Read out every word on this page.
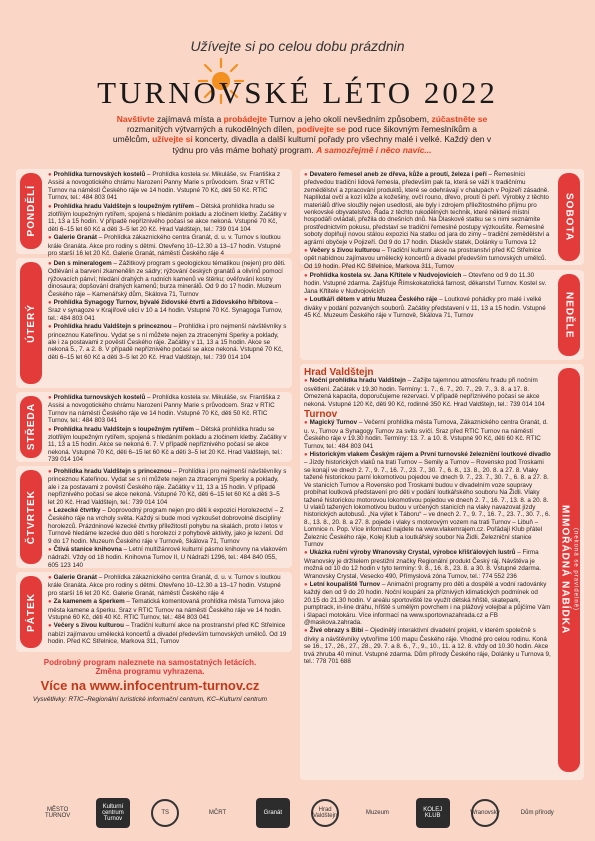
Užívejte si po celou dobu prázdnin
TURNOVSKÉ LÉTO 2022
Navštivte zajímavá místa a probádejte Turnov a jeho okolí nevšedním způsobem, zúčastněte se rozmanitých výtvarných a rukodělných dílen, podívejte se pod ruce šikovným řemeslníkům a umělcům, užívejte si koncerty, divadla a další kulturní pořady pro všechny malé i velké. Každý den v týdnu pro vás máme bohatý program. A samozřejmě i něco navíc...
PONDĚLÍ
● Prohlídka turnovských kostelů – Prohlídka kostela sv. Mikuláše, sv. Františka z Assisi a novogotického chrámu Narození Panny Marie s průvodcem. Sraz v RTIC Turnov na náměstí Českého ráje ve 14 hodin. Vstupné 70 Kč, děti 50 Kč. RTIC Turnov, tel.: 484 803 041
● Prohlídka hradu Valdštejn s loupežným rytířem – Dětská prohlídka hradu se zlotřilým loupežným rytířem, spojená s hledáním pokladu a zločinem kletby. Začátky v 11, 13 a 15 hodin. V případě nepříznivého počasí se akce nekoná. Vstupné 70 Kč, děti 6–15 let 60 Kč a děti 3–5 let 20 Kč. Hrad Valdštejn, tel.: 739 014 104
● Galerie Granát – Prohlídka zákaznického centra Granát, d. u. v. Turnov s loutkou krále Granáta. Akce pro rodiny s dětmi. Otevřeno 10–12.30 a 13–17 hodin. Vstupné pro starší 16 let 20 Kč. Galerie Granát, náměstí Českého ráje 4
ÚTERÝ
● Den s mineralogem – Zážitkový program s geologickou tématikou (nejen) pro děti. Odlévání a barvení zkamenělin ze sádry; rýžování českých granátů a olivínů pomocí rýžovacích pánví; hledání drahých a rudních kamenů ve štěrku; ověřování kostry dinosaura; dopšování drahých kamenů; burza minerálů. Od 9 do 17 hodin. Muzeum Českého ráje – Kamenářský dům, Skálova 71, Turnov
● Prohlídka Synagogy Turnov, bývalé židovské čtvrti a židovského hřbitova – Sraz v synagoze v Krajířově ulici v 10 a 14 hodin. Vstupné 70 Kč. Synagoga Turnov, tel.: 484 803 041
● Prohlídka hradu Valdštejn s princeznou – Prohlídka i pro nejmenší návštěvníky s princeznou Kateřinou. Vydat se s ní můžete nejen za ztracenými Sperky a poklady, ale i za postavami z pověstí Českého ráje. Začátky v 11, 13 a 15 hodin. Akce se nekoná 5., 7. a 2. 8. V případě nepříznivého počasí se akce nekoná. Vstupné 70 Kč, děti 6–15 let 60 Kč a děti 3–5 let 20 Kč. Hrad Valdštejn, tel.: 739 014 104
STŘEDA
● Prohlídka turnovských kostelů – Prohlídka kostela sv. Mikuláše, sv. Františka z Assisi a novogotického chrámu Narození Panny Marie s průvodcem. Sraz v RTIC Turnov na náměstí Českého ráje ve 14 hodin. Vstupné 70 Kč, děti 50 Kč. RTIC Turnov, tel.: 484 803 041
● Prohlídka hradu Valdštejn s loupežným rytířem – Dětská prohlídka hradu se zlotřilým loupežným rytířem, spojená s hledáním pokladu a zločinem kletby. Začátky v 11, 13 a 15 hodin. Akce se nekoná 6. 7. V případě nepříznivého počasí se akce nekoná. Vstupné 70 Kč, děti 6–15 let 60 Kč a děti 3–5 let 20 Kč. Hrad Valdštejn, tel.: 739 014 104
ČTVRTEK
● Prohlídka hradu Valdštejn s princeznou – Prohlídka i pro nejmenší návštěvníky s princeznou Kateřinou. Vydat se s ní můžete nejen za ztracenými Sperky a poklady, ale i za postavami z pověstí Českého ráje. Začátky v 11, 13 a 15 hodin. V případě nepříznivého počasí se akce nekoná. Vstupné 70 Kč, děti 6–15 let 60 Kč a děti 3–5 let 20 Kč. Hrad Valdštejn, tel.: 739 014 104
● Lezecké čtvrtky – Doprovodný program nejen pro děti k expozici Horolezectví – Z Českého ráje na vrcholy světa. Každý si bude moci vyzkoušet dobrovolné disciplíny horolezců. Prázdninové lezecké čtvrtky příležitostí pohybu na skalách, proto i letos v Turnově hledáme lezecké duo dětí s horolezci z pohybově aktivity, jako je lezení. Od 9 do 17 hodin. Muzeum Českého ráje v Turnově, Skálova 71, Turnov
● Čtivá stanice knihovna – Letní multižánrové kulturní pásmo knihovny na vlakovém nádraží. Vždy od 18 hodin. Knihovna Turnov II, U Nádraží 1296, tel.: 484 840 055, 605 123 140
PÁTEK
● Galerie Granát – Prohlídka zákaznického centra Granát, d. u. v. Turnov s loutkou krále Granáta. Akce pro rodiny s dětmi. Otevřeno 10–12.30 a 13–17 hodin. Vstupné pro starší 16 let 20 Kč. Galerie Granát, náměstí Českého ráje 4
● Za kamenem a šperkem – Tematická komentovaná prohlídka města Turnova jako města kamene a šperku. Sraz v RTIC Turnov na náměstí Českého ráje ve 14 hodin. Vstupné 60 Kč, děti 40 Kč. RTIC Turnov, tel.: 484 803 041
● Večery s živou kulturou – Tradiční kulturní akce na prostranství před KC Střelnice nabízí zajímavou umělecká koncertů a divadel především turnovských umělců. Od 19 hodin. Před KC Střelnice, Markova 311, Turnov
Podrobný program naleznete na samostatných letácích.
Změna programu vyhrazena.
Více na www.infocentrum-turnov.cz
Vysvětlivky: RTIC–Regionální turistické informační centrum, KC–Kulturní centrum
● Devatero řemesel aneb ze dřeva, kůže a proutí, železa i peří – Řemeslníci předvedou tradiční lidová řemesla, především pak ta, která se váží k tradičnímu zemědělství a zpracování produktů, které se odehrávají v chalupách v Pojizeří zásadně. Naplíkdal ovčí a kozí kůže a kožešiny, ovčí rouno, dřevo, proutí či peří. Výrobky z těchto materiálů dříve sloužily nejen usedlosti, ale byly i zdrojem příležitostného příjmu pro venkovské obyvatelstvo. Řada z těchto rukodělných technik, které některé místní hospodáři ovládali, přežila do dnešních dnů. Na Dlaskově statku se s nimi seznámíte prostřednictvím pokusu, představí se tradiční řemeslné postupy výzkoušíte. Řemeslné soboty doplňují novou stálou expozici Na statku od jara do zimy – tradiční zemědělství a agrární obyčeje v Pojizeří. Od 9 do 17 hodin. Dlaskův statek, Dolánky u Turnova 12
● Večery s živou kulturou – Tradiční kulturní akce na prostranství před KC Střelnice opět nabídnou zajímavou umělecký koncertů a divadel především turnovských umělců. Od 19 hodin. Před KC Střelnice, Markova 311, Turnov
SOBOTA
● Prohlídka kostela sv. Jana Křtitele v Nudvojovicích – Otevřeno od 9 do 11.30 hodin. Vstupné zdarma. Zajišťuje Římskokatolická farnost, děkanství Turnov. Kostel sv. Jana Křtitele v Nudvojovicích
● Loutkáři dětem v atriu Muzea Českého ráje – Loutkové pohádky pro malé i velké diváky v podání pozvaných souborů. Začátky představení v 11, 13 a 15 hodin. Vstupné 45 Kč. Muzeum Českého ráje v Turnově, Skálova 71, Turnov	NEDĚLE
Hrad Valdštejn
● Noční prohlídka hradu Valdštejn – Zažijte tajemnou atmosféru hradu při nočním osvětlení. Začátek v 19.30 hodin. Termíny: 1. 7., 6. 7., 20. 7., 29. 7., 3. 8. a 17. 8. Omezená kapacita, doporučujeme rezervaci. V případě nepříznivého počasí se akce nekoná. Vstupné 120 Kč, děti 90 Kč, rodinné 350 Kč. Hrad Valdštejn, tel.: 739 014 104
Turnov
● Magický Turnov – Večerní prohlídka města Turnova, Zákaznického centra Granát, d. u. v., Turnov a Synagogy Turnov za svitu svíčí. Sraz před RTIC Turnov na náměstí Českého ráje v 19.30 hodin. Termíny: 13. 7. a 10. 8. Vstupné 90 Kč, děti 60 Kč. RTIC Turnov, tel.: 484 803 041
● Historickým vlakem Českým rájem a První turnovské železniční loutkové divadlo – Jízdy historických vlaků na trati Turnov – Semily a Turnov – Rovensko pod Troskami se konají ve dnech 2. 7., 9. 7., 16. 7., 23. 7., 30. 7., 6. 8., 13. 8., 20. 8. a 27. 8. Vlaky tažené historickou parní lokomotivou pojedou ve dnech 9. 7., 23. 7., 30. 7., 6. 8. a 27. 8. Ve stanicích Turnov a Rovensko pod Troskami budou v divadelním voze soupravy probíhat loutková představení pro děti v podání loutkářského souboru Na Židli. Vlaky tažené historickou motorovou lokomotivou pojedou ve dnech 2. 7., 16. 7., 13. 8. a 20. 8. U vlaků tažených lokomotivou budou v určených stanicích na vlaky navazovat jízdy historických autobusů. „Na výlet k Táboru“ – ve dnech 2. 7., 9. 7., 16. 7., 23. 7., 30. 7., 6. 8., 13. 8., 20. 8. a 27. 8. pojede i vlaky s motorovým vozem na trati Turnov – Libuň – Lomnice n. Pop. Více informací najdete na www.vlakemrajem.cz. Pořádají Klub přátel Železnic Českého ráje, Kolej Klub a loutkářský soubor Na Židli. Železniční stanice Turnov
● Ukázka ruční výroby Wranovsky Crystal, výrobce křišťálových lustrů – Firma Wranovsky je držitelem prestižní značky Regionální produkt Český ráj. Návštěva je možná od 10 do 12 hodin v tyto termíny: 9. 8., 16. 8., 23. 8. a 30. 8. Vstupné zdarma. Wranovsky Crystal, Vesecko 490, Přímyslová zóna Turnov, tel.: 774 552 236
● Letní koupaliště Turnov – Animační programy pro děti a dospělé a vodní radovánky každý den od 9 do 20 hodin. Noční koupání za příznivých klimatických podmínek od 20.15 do 21.30 hodin. V areálu sportoviště lze využít dětská hřiště, skatepark, pumptrack, in-line dráhu, hřiště s umělým povrchem i na plážový volejbal a půjčíme Vám i šlapací motokáru. Více informací na www.sportovnazahrada.cz a FB @maskova.zahrada.
● Živé obrazy s Bibi – Ojedinělý interaktivní divadelní projekt, v kterém společně s dívky a návštěvníky vytvoříme 100 mapu Českého ráje. Vhodné pro celou rodinu. Koná se 16., 17., 26., 27., 28., 29. 7. a 8. 6., 7., 9., 10., 11. a 12. 8. vždy od 10.30 hodin. Akce trvá zhruba 40 minut. Vstupné zdarma. Dům přírody Českého ráje, Dolánky u Turnova 9, tel.: 778 701 688
MIMOŘÁDNÁ NABÍDKA (nekoná se pravidelně)
MĚSTO TURNOV
Kulturní centrum Turnov
TS	MČRT	Granát	Hrad Valdštejn	Muzeum	KOLEJ KLUB	Wranovsky	Dům přírody
